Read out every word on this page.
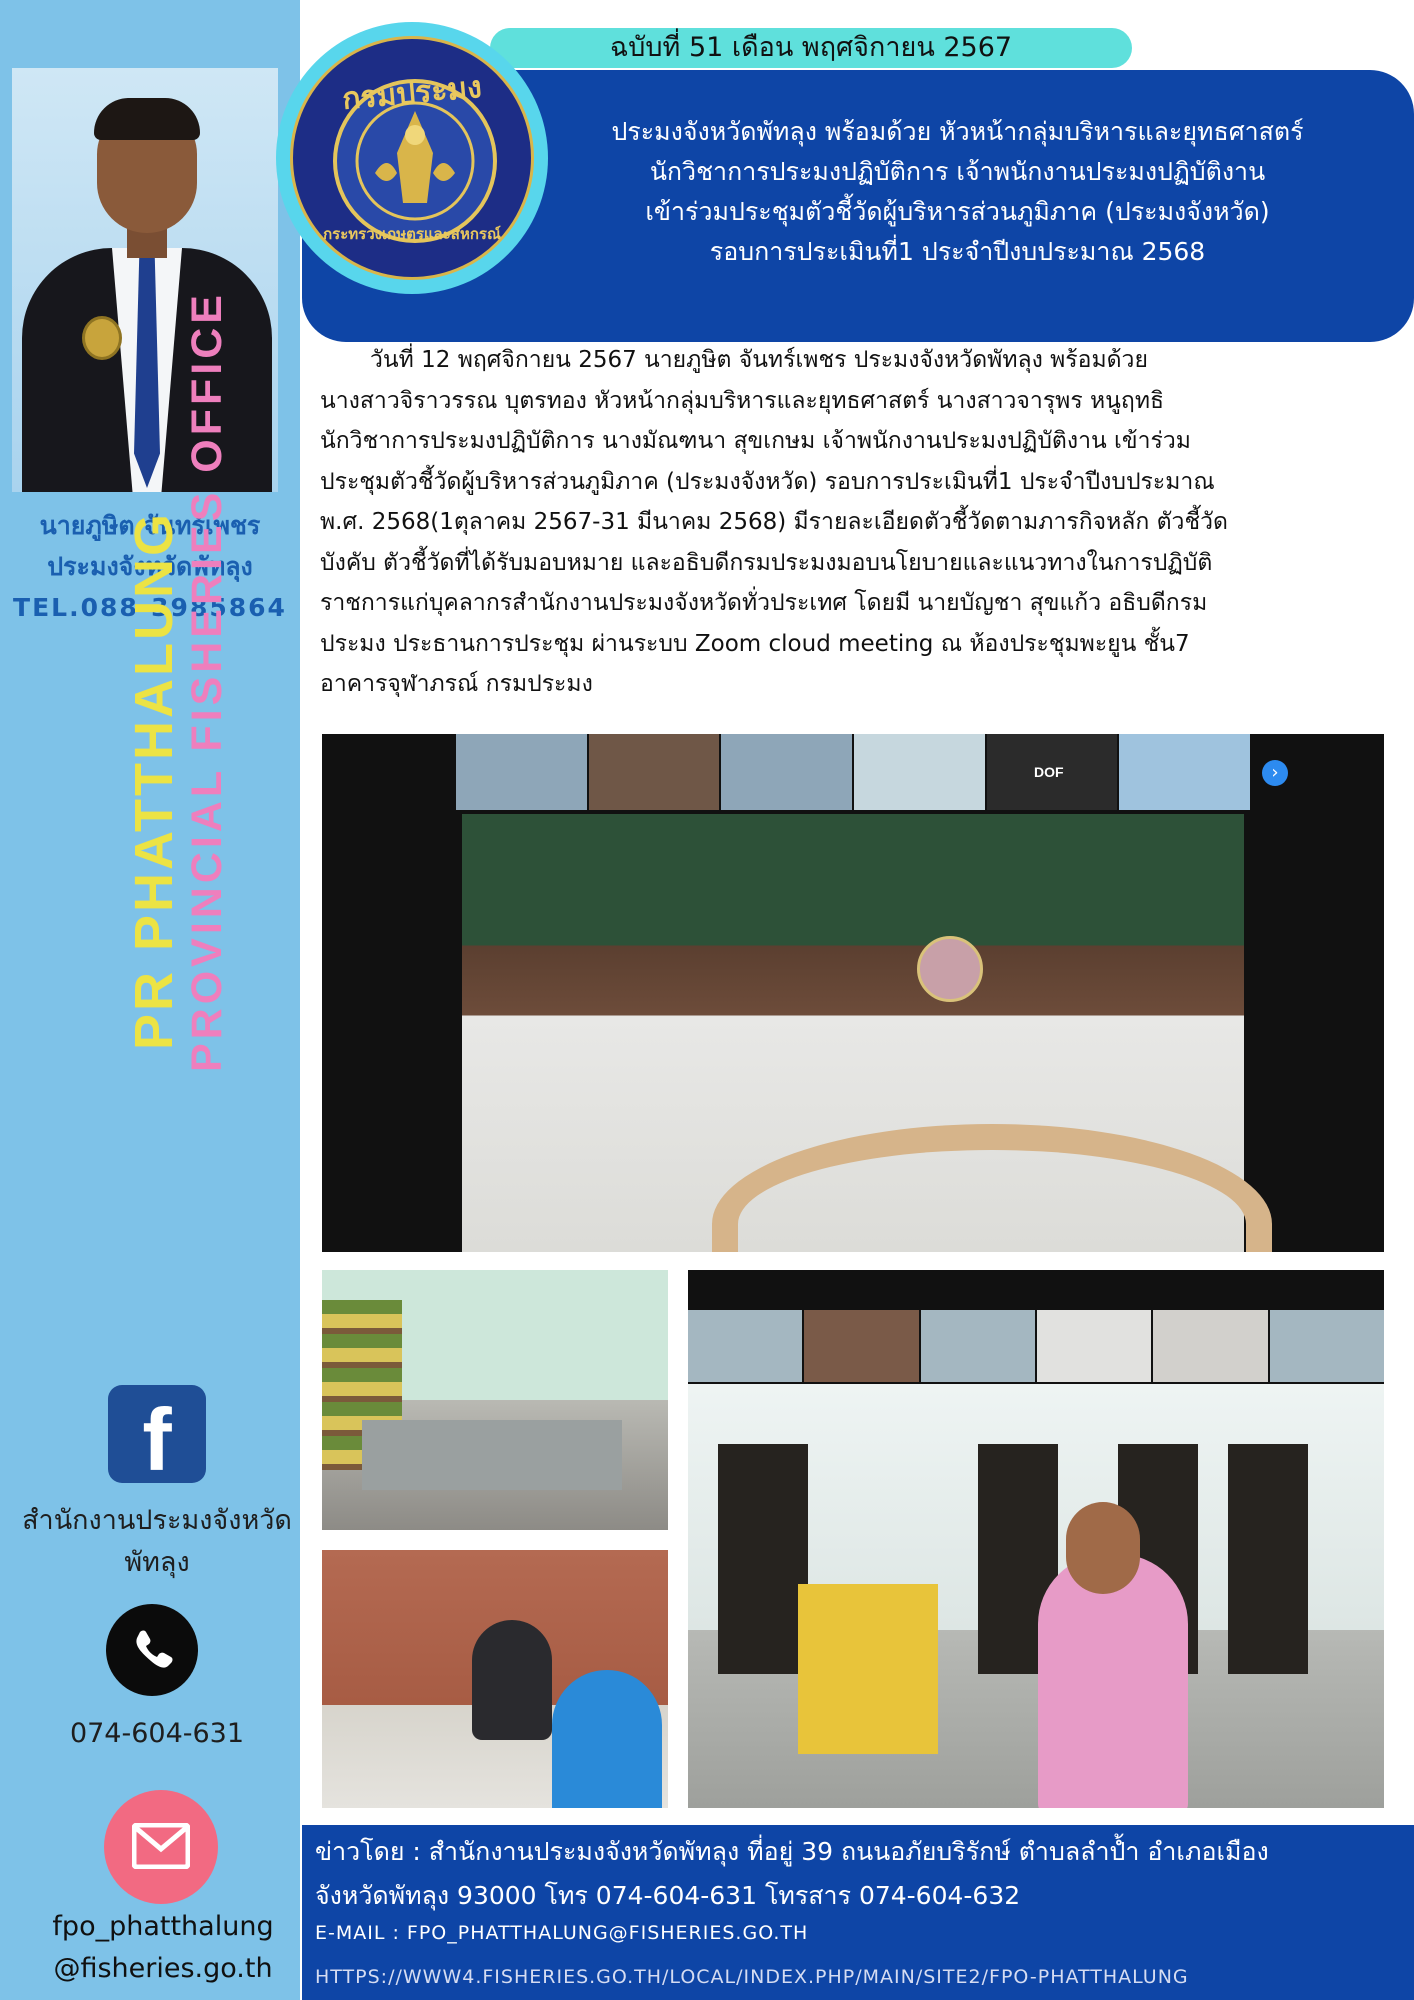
นายภูษิต จันทร์เพชร
ประมงจังหวัดพัทลุง
TEL.088-3985864
PR PHATTHALUNG PROVINCIAL FISHERIES OFFICE
f
สำนักงานประมงจังหวัด
พัทลุง
074-604-631
fpo_phatthalung
@fisheries.go.th
ฉบับที่ 51 เดือน พฤศจิกายน 2567
กรมประมง
กระทรวงเกษตรและสหกรณ์
ประมงจังหวัดพัทลุง พร้อมด้วย หัวหน้ากลุ่มบริหารและยุทธศาสตร์
นักวิชาการประมงปฏิบัติการ เจ้าพนักงานประมงปฏิบัติงาน
เข้าร่วมประชุมตัวชี้วัดผู้บริหารส่วนภูมิภาค (ประมงจังหวัด)
รอบการประเมินที่1 ประจำปีงบประมาณ 2568
วันที่ 12 พฤศจิกายน 2567 นายภูษิต จันทร์เพชร ประมงจังหวัดพัทลุง พร้อมด้วย
นางสาวจิราวรรณ บุตรทอง หัวหน้ากลุ่มบริหารและยุทธศาสตร์ นางสาวจารุพร หนูฤทธิ
นักวิชาการประมงปฏิบัติการ นางมัณฑนา สุขเกษม เจ้าพนักงานประมงปฏิบัติงาน เข้าร่วม
ประชุมตัวชี้วัดผู้บริหารส่วนภูมิภาค (ประมงจังหวัด) รอบการประเมินที่1 ประจำปีงบประมาณ
พ.ศ. 2568(1ตุลาคม 2567-31 มีนาคม 2568) มีรายละเอียดตัวชี้วัดตามภารกิจหลัก ตัวชี้วัด
บังคับ ตัวชี้วัดที่ได้รับมอบหมาย และอธิบดีกรมประมงมอบนโยบายและแนวทางในการปฏิบัติ
ราชการแก่บุคลากรสำนักงานประมงจังหวัดทั่วประเทศ โดยมี นายบัญชา สุขแก้ว อธิบดีกรม
ประมง ประธานการประชุม ผ่านระบบ Zoom cloud meeting ณ ห้องประชุมพะยูน ชั้น7
อาคารจุฬาภรณ์ กรมประมง
DOF	›
ข่าวโดย : สำนักงานประมงจังหวัดพัทลุง ที่อยู่ 39 ถนนอภัยบริรักษ์ ตำบลลำป้ำ อำเภอเมือง
จังหวัดพัทลุง 93000 โทร 074-604-631 โทรสาร 074-604-632
E-MAIL : FPO_PHATTHALUNG@FISHERIES.GO.TH
HTTPS://WWW4.FISHERIES.GO.TH/LOCAL/INDEX.PHP/MAIN/SITE2/FPO-PHATTHALUNG
